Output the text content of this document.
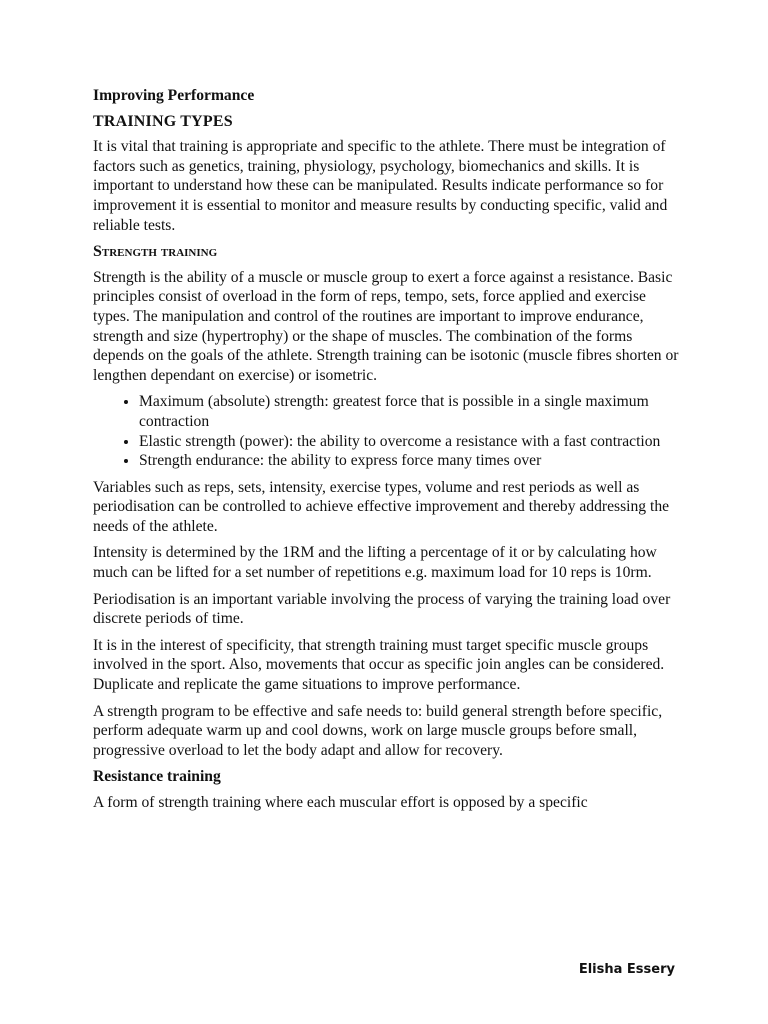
Improving Performance
TRAINING TYPES

It is vital that training is appropriate and specific to the athlete. There must be integration of factors such as genetics, training, physiology, psychology, biomechanics and skills. It is important to understand how these can be manipulated. Results indicate performance so for improvement it is essential to monitor and measure results by conducting specific, valid and reliable tests.

Strength training

Strength is the ability of a muscle or muscle group to exert a force against a resistance. Basic principles consist of overload in the form of reps, tempo, sets, force applied and exercise types. The manipulation and control of the routines are important to improve endurance, strength and size (hypertrophy) or the shape of muscles. The combination of the forms depends on the goals of the athlete. Strength training can be isotonic (muscle fibres shorten or lengthen dependant on exercise) or isometric.

• Maximum (absolute) strength: greatest force that is possible in a single maximum contraction
• Elastic strength (power): the ability to overcome a resistance with a fast contraction
• Strength endurance: the ability to express force many times over

Variables such as reps, sets, intensity, exercise types, volume and rest periods as well as periodisation can be controlled to achieve effective improvement and thereby addressing the needs of the athlete.

Intensity is determined by the 1RM and the lifting a percentage of it or by calculating how much can be lifted for a set number of repetitions e.g. maximum load for 10 reps is 10rm.

Periodisation is an important variable involving the process of varying the training load over discrete periods of time.

It is in the interest of specificity, that strength training must target specific muscle groups involved in the sport. Also, movements that occur as specific join angles can be considered. Duplicate and replicate the game situations to improve performance.

A strength program to be effective and safe needs to: build general strength before specific, perform adequate warm up and cool downs, work on large muscle groups before small, progressive overload to let the body adapt and allow for recovery.

Resistance training

A form of strength training where each muscular effort is opposed by a specific

Elisha Essery
